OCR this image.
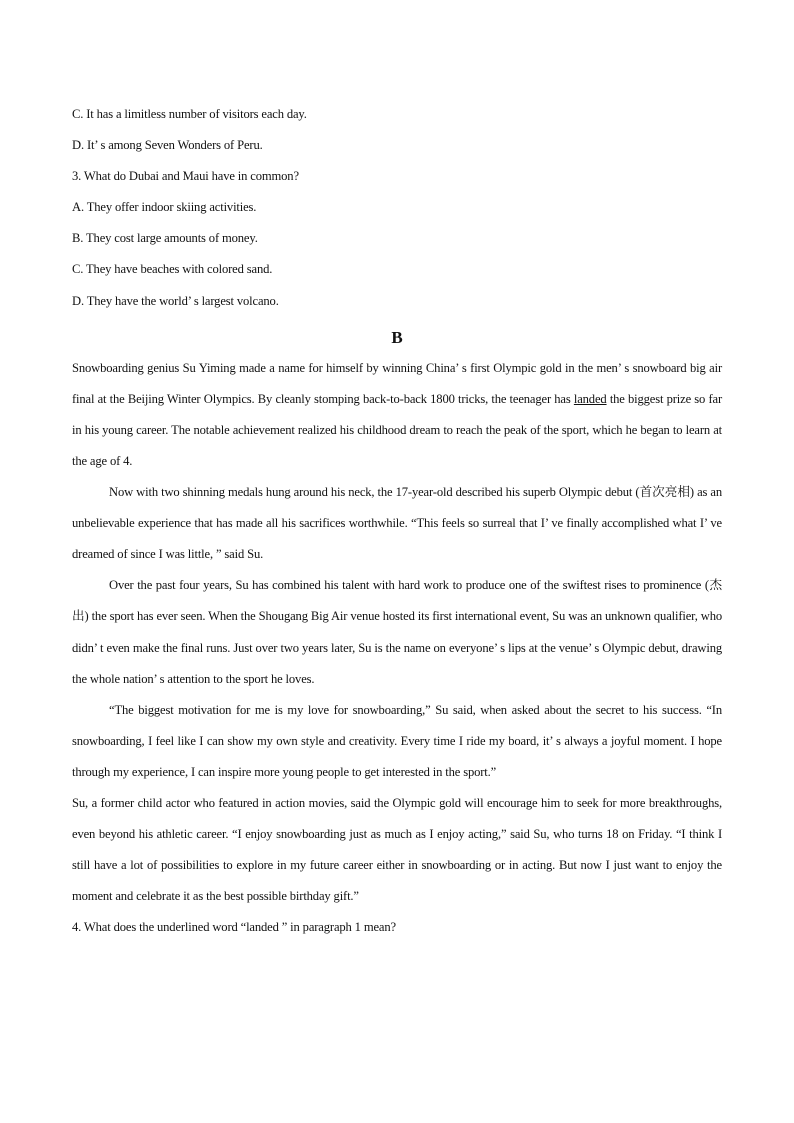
C. It has a limitless number of visitors each day.
D. It’ s among Seven Wonders of Peru.
3. What do Dubai and Maui have in common?
A. They offer indoor skiing activities.
B. They cost large amounts of money.
C. They have beaches with colored sand.
D. They have the world’ s largest volcano.
B

Snowboarding genius Su Yiming made a name for himself by winning China’ s first Olympic gold in the men’ s snowboard big air final at the Beijing Winter Olympics. By cleanly stomping back-to-back 1800 tricks, the teenager has landed the biggest prize so far in his young career. The notable achievement realized his childhood dream to reach the peak of the sport, which he began to learn at the age of 4.

Now with two shinning medals hung around his neck, the 17-year-old described his superb Olympic debut (首次亮相) as an unbelievable experience that has made all his sacrifices worthwhile. “This feels so surreal that I’ ve finally accomplished what I’ ve dreamed of since I was little, ” said Su.

Over the past four years, Su has combined his talent with hard work to produce one of the swiftest rises to prominence (杰出) the sport has ever seen. When the Shougang Big Air venue hosted its first international event, Su was an unknown qualifier, who didn’ t even make the final runs. Just over two years later, Su is the name on everyone’ s lips at the venue’ s Olympic debut, drawing the whole nation’ s attention to the sport he loves.

“The biggest motivation for me is my love for snowboarding,” Su said, when asked about the secret to his success. “In snowboarding, I feel like I can show my own style and creativity. Every time I ride my board, it’ s always a joyful moment. I hope through my experience, I can inspire more young people to get interested in the sport.”

Su, a former child actor who featured in action movies, said the Olympic gold will encourage him to seek for more breakthroughs, even beyond his athletic career. “I enjoy snowboarding just as much as I enjoy acting,” said Su, who turns 18 on Friday. “I think I still have a lot of possibilities to explore in my future career either in snowboarding or in acting. But now I just want to enjoy the moment and celebrate it as the best possible birthday gift.”

4. What does the underlined word “landed ” in paragraph 1 mean?
